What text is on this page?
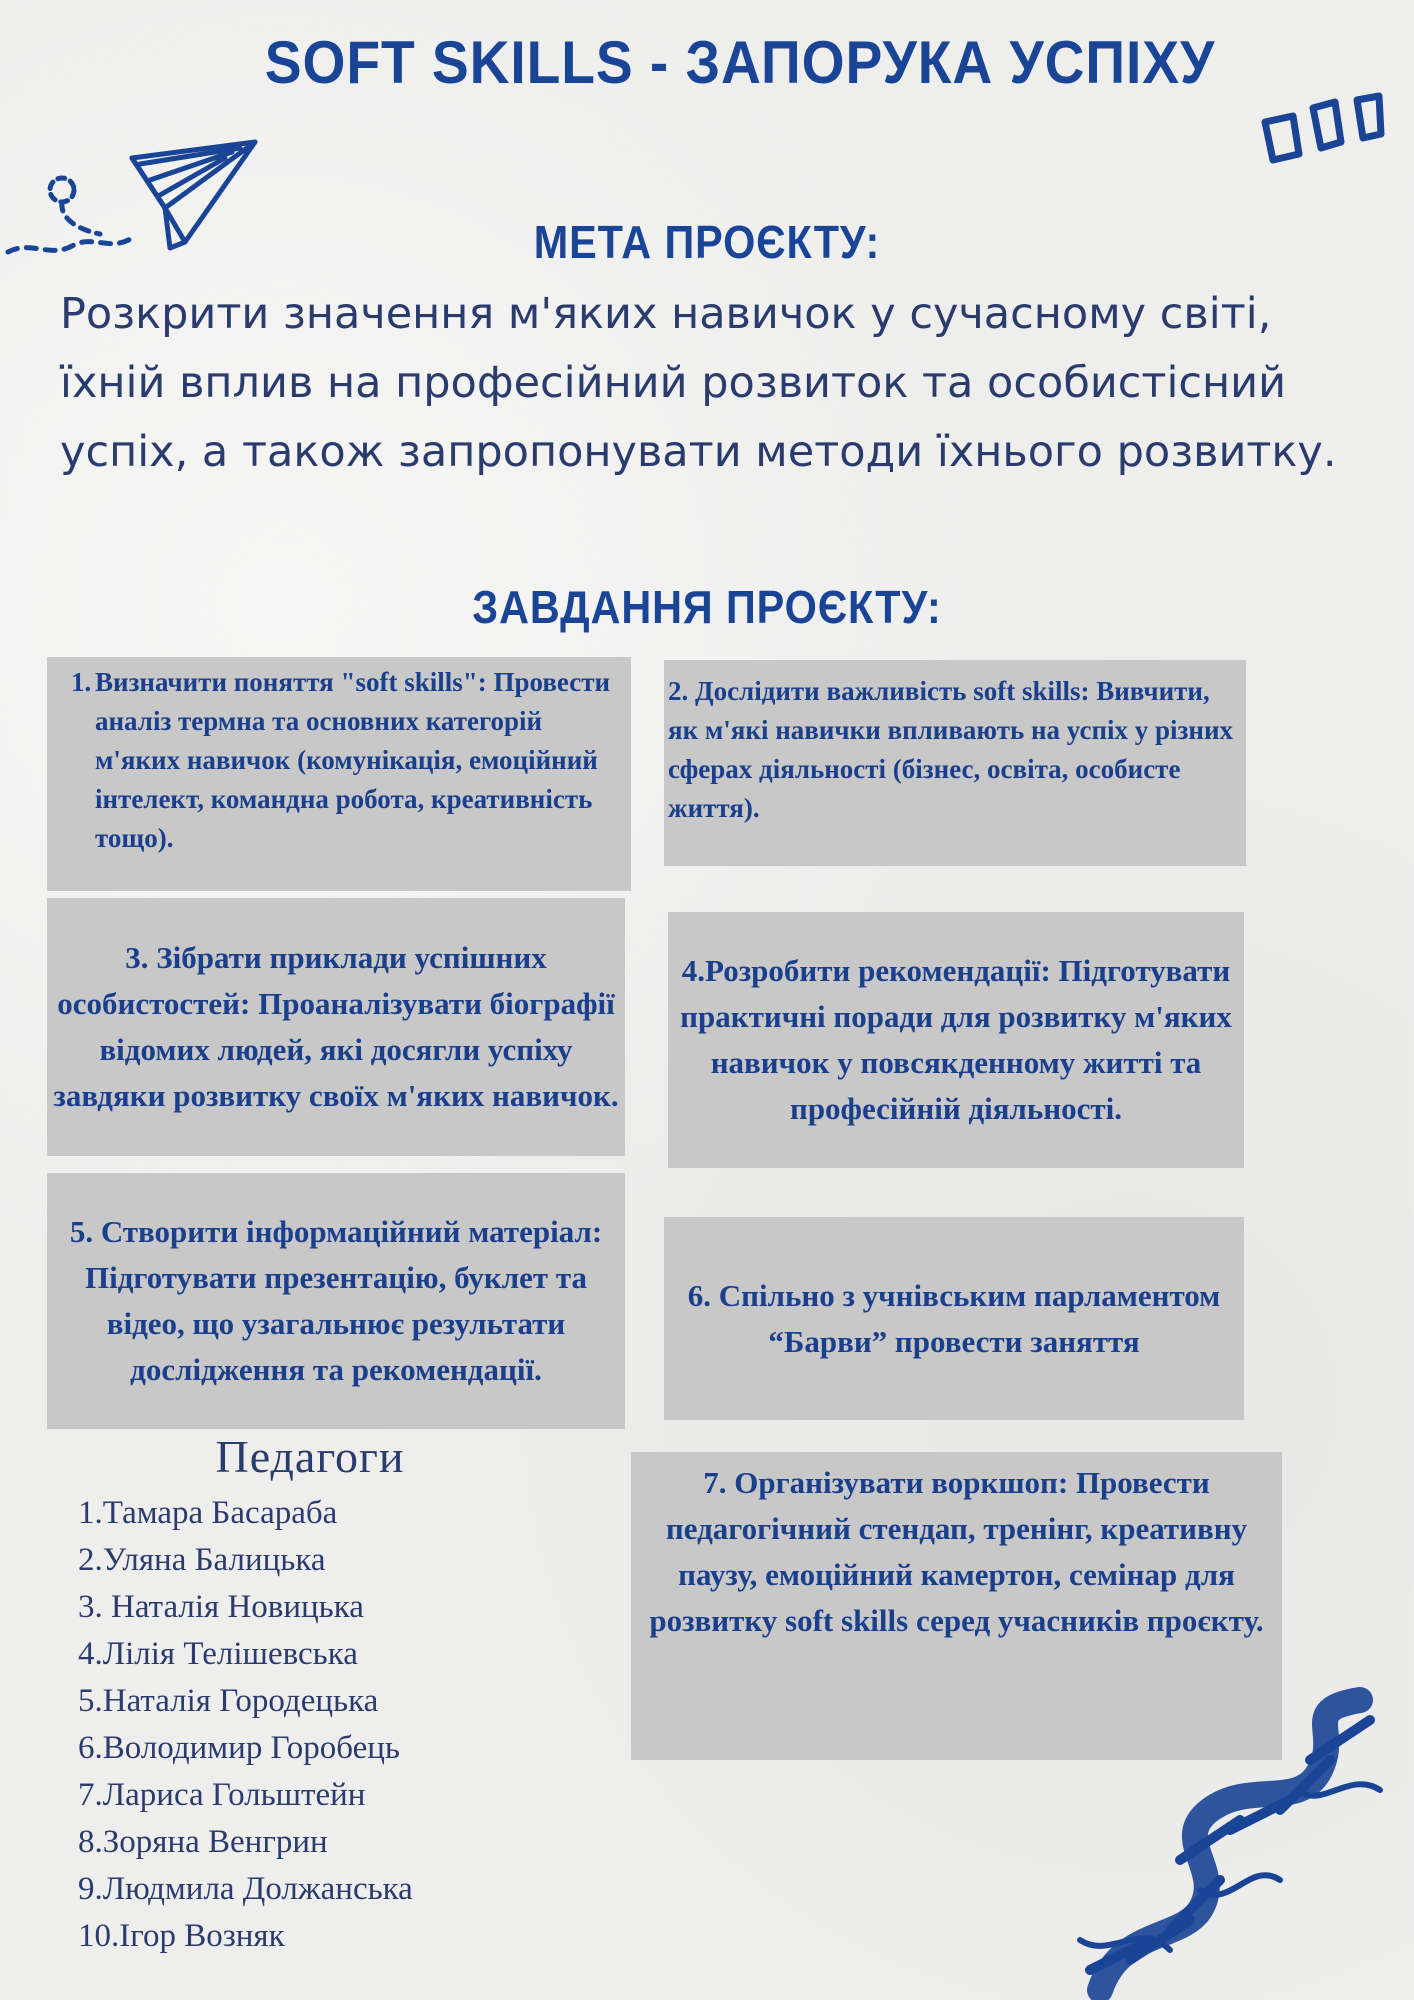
SOFT SKILLS - ЗАПОРУКА УСПІХУ
МЕТА ПРОЄКТУ:
Розкрити значення м'яких навичок у сучасному світі, їхній вплив на професійний розвиток та особистісний успіх, а також запропонувати методи їхнього розвитку.
ЗАВДАННЯ ПРОЄКТУ:
1. Визначити поняття "soft skills": Провести аналіз термна та основних категорій м'яких навичок (комунікація, емоційний інтелект, командна робота, креативність тощо).
2. Дослідити важливість soft skills: Вивчити, як м'які навички впливають на успіх у різних сферах діяльності (бізнес, освіта, особисте життя).
3. Зібрати приклади успішних особистостей: Проаналізувати біографії відомих людей, які досягли успіху завдяки розвитку своїх м'яких навичок.
4.Розробити рекомендації: Підготувати практичні поради для розвитку м'яких навичок у повсякденному житті та професійній діяльності.
5. Створити інформаційний матеріал: Підготувати презентацію, буклет та відео, що узагальнює результати дослідження та рекомендації.
6. Спільно з учнівським парламентом “Барви” провести заняття
7. Організувати воркшоп: Провести педагогічний стендап, тренінг, креативну паузу, емоційний камертон, семінар для розвитку soft skills серед учасників проєкту.
Педагоги
1.Тамара Басараба
2.Уляна Балицька
3. Наталія Новицька
4.Лілія Телішевська
5.Наталія Городецька
6.Володимир Горобець
7.Лариса Гольштейн
8.Зоряна Венгрин
9.Людмила Должанська
10.Ігор Возняк
